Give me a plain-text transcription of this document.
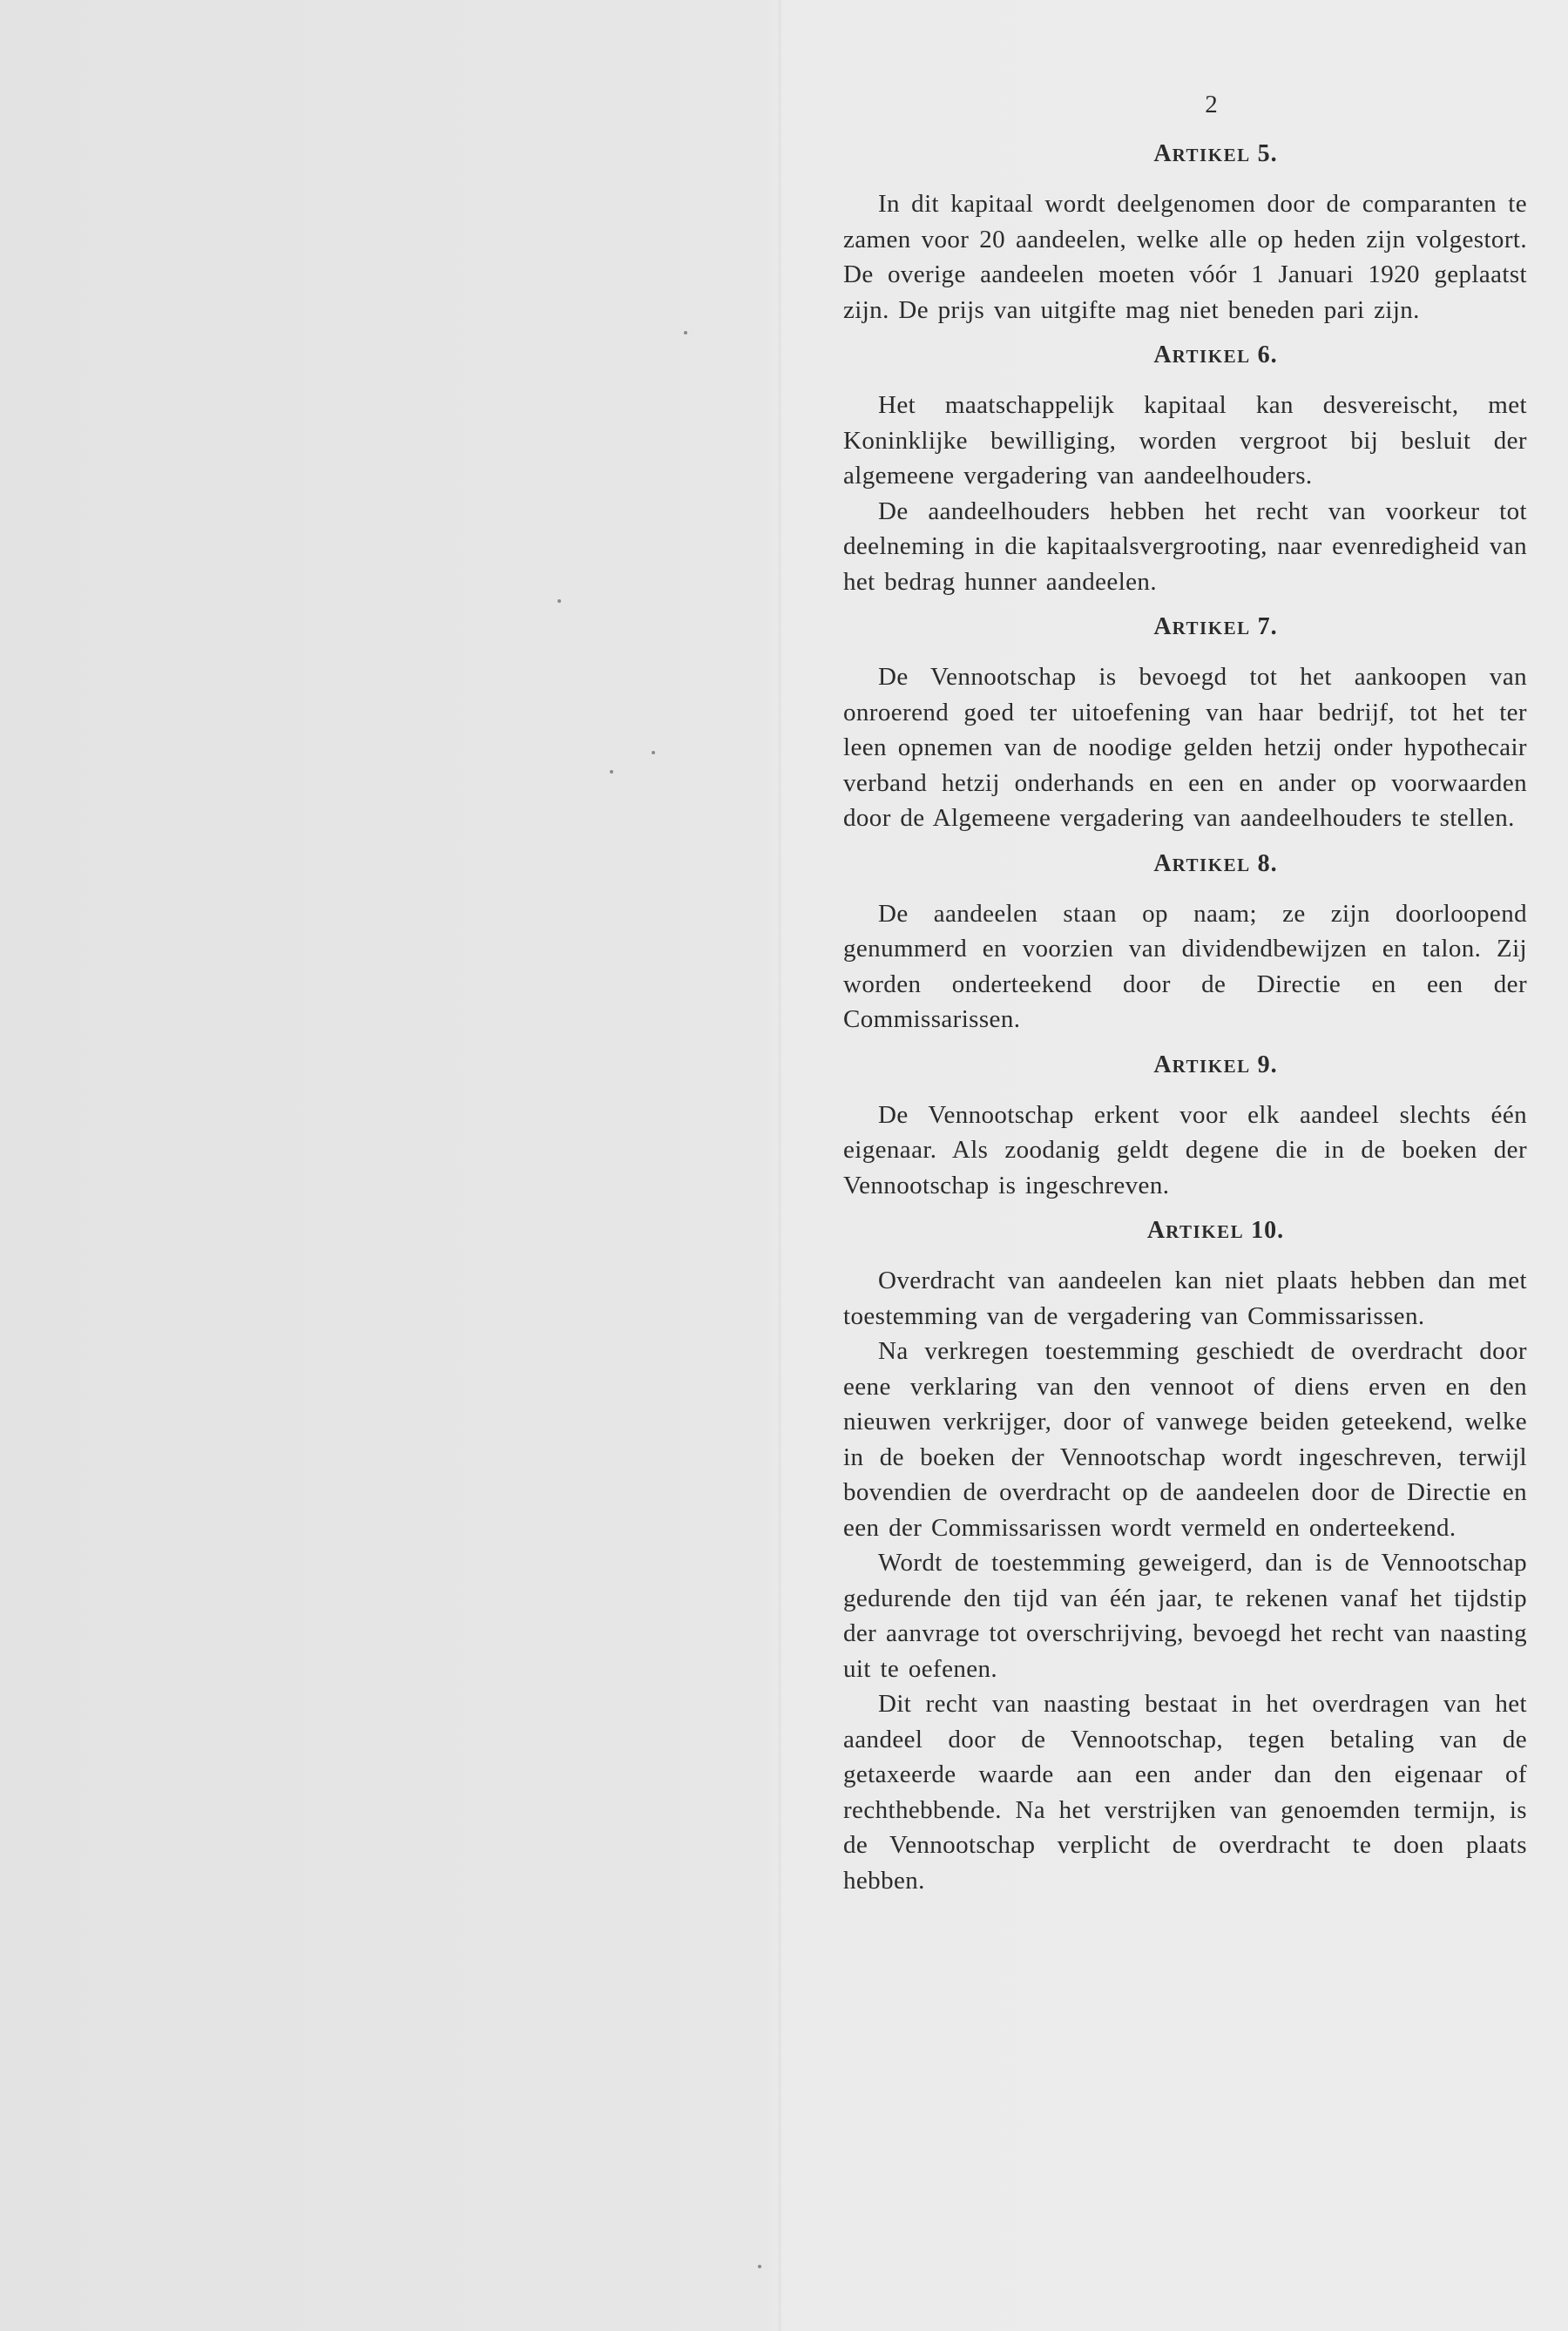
2

ARTIKEL 5.

In dit kapitaal wordt deelgenomen door de comparanten te zamen voor 20 aandeelen, welke alle op heden zijn volgestort. De overige aandeelen moeten vóór 1 Januari 1920 geplaatst zijn. De prijs van uitgifte mag niet beneden pari zijn.

ARTIKEL 6.

Het maatschappelijk kapitaal kan desvereischt, met Koninklijke bewilliging, worden vergroot bij besluit der algemeene vergadering van aandeelhouders.

De aandeelhouders hebben het recht van voorkeur tot deelneming in die kapitaalsvergrooting, naar evenredigheid van het bedrag hunner aandeelen.

ARTIKEL 7.

De Vennootschap is bevoegd tot het aankoopen van onroerend goed ter uitoefening van haar bedrijf, tot het ter leen opnemen van de noodige gelden hetzij onder hypothecair verband hetzij onderhands en een en ander op voorwaarden door de Algemeene vergadering van aandeelhouders te stellen.

ARTIKEL 8.

De aandeelen staan op naam; ze zijn doorloopend genummerd en voorzien van dividendbewijzen en talon. Zij worden onderteekend door de Directie en een der Commissarissen.

ARTIKEL 9.

De Vennootschap erkent voor elk aandeel slechts één eigenaar. Als zoodanig geldt degene die in de boeken der Vennootschap is ingeschreven.

ARTIKEL 10.

Overdracht van aandeelen kan niet plaats hebben dan met toestemming van de vergadering van Commissarissen.

Na verkregen toestemming geschiedt de overdracht door eene verklaring van den vennoot of diens erven en den nieuwen verkrijger, door of vanwege beiden geteekend, welke in de boeken der Vennootschap wordt ingeschreven, terwijl bovendien de overdracht op de aandeelen door de Directie en een der Commissarissen wordt vermeld en onderteekend.

Wordt de toestemming geweigerd, dan is de Vennootschap gedurende den tijd van één jaar, te rekenen vanaf het tijdstip der aanvrage tot overschrijving, bevoegd het recht van naasting uit te oefenen.

Dit recht van naasting bestaat in het overdragen van het aandeel door de Vennootschap, tegen betaling van de getaxeerde waarde aan een ander dan den eigenaar of rechthebbende. Na het verstrijken van genoemden termijn, is de Vennootschap verplicht de overdracht te doen plaats hebben.
